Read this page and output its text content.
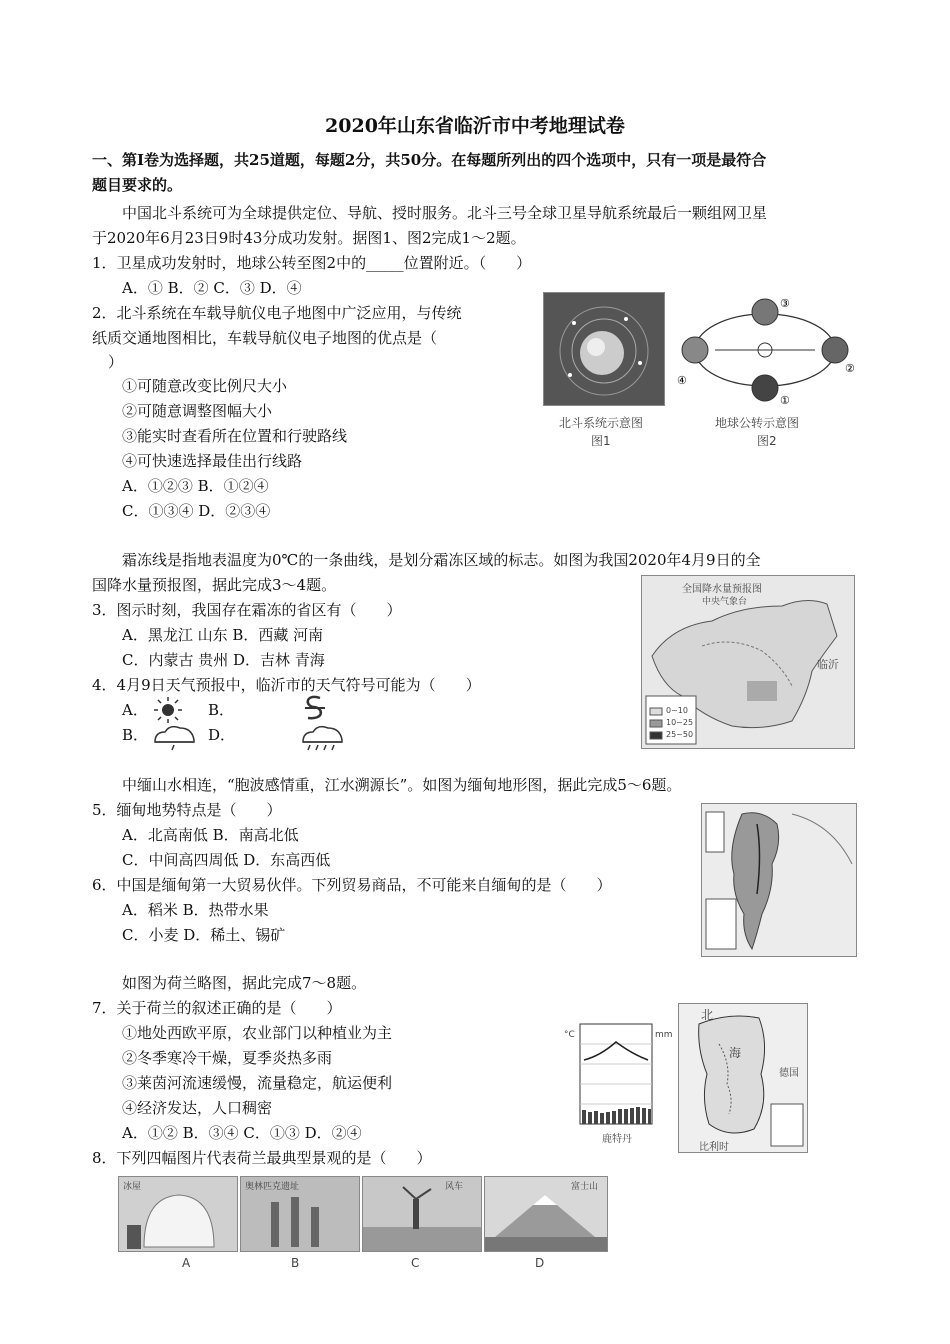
2020年山东省临沂市中考地理试卷
一、第Ⅰ卷为选择题，共25道题，每题2分，共50分。在每题所列出的四个选项中，只有一项是最符合
题目要求的。
中国北斗系统可为全球提供定位、导航、授时服务。北斗三号全球卫星导航系统最后一颗组网卫星
于2020年6月23日9时43分成功发射。据图1、图2完成1～2题。
1．卫星成功发射时，地球公转至图2中的_____位置附近。（　　）
A．① B．② C．③ D．④
2．北斗系统在车载导航仪电子地图中广泛应用，与传统
纸质交通地图相比，车载导航仪电子地图的优点是（
）
①可随意改变比例尺大小
②可随意调整图幅大小
③能实时查看所在位置和行驶路线
④可快速选择最佳出行线路
A．①②③ B．①②④
C．①③④ D．②③④
北斗系统示意图
图1
③
④
②
①
地球公转示意图
图2
霜冻线是指地表温度为0℃的一条曲线，是划分霜冻区域的标志。如图为我国2020年4月9日的全
国降水量预报图，据此完成3～4题。
3．图示时刻，我国存在霜冻的省区有（　　）
A．黑龙江 山东 B．西藏 河南
C．内蒙古 贵州 D．吉林 青海
4．4月9日天气预报中，临沂市的天气符号可能为（　　）
A．	B．
B．	D．
全国降水量预报图
中央气象台
临沂
0~10
10~25
25~50
中缅山水相连，“胞波感情重，江水溯源长”。如图为缅甸地形图，据此完成5～6题。
5．缅甸地势特点是（　　）
A．北高南低 B．南高北低
C．中间高四周低 D．东高西低
6．中国是缅甸第一大贸易伙伴。下列贸易商品，不可能来自缅甸的是（　　）
A．稻米 B．热带水果
C．小麦 D．稀土、锡矿
如图为荷兰略图，据此完成7～8题。
7．关于荷兰的叙述正确的是（　　）
①地处西欧平原，农业部门以种植业为主
②冬季寒冷干燥，夏季炎热多雨
③莱茵河流速缓慢，流量稳定，航运便利
④经济发达，人口稠密
A．①② B．③④ C．①③ D．②④
8．下列四幅图片代表荷兰最典型景观的是（　　）
°C	mm
鹿特丹
北
海
德国
比利时
冰屋	奥林匹克遗址	风车	富士山
A	B	C	D
